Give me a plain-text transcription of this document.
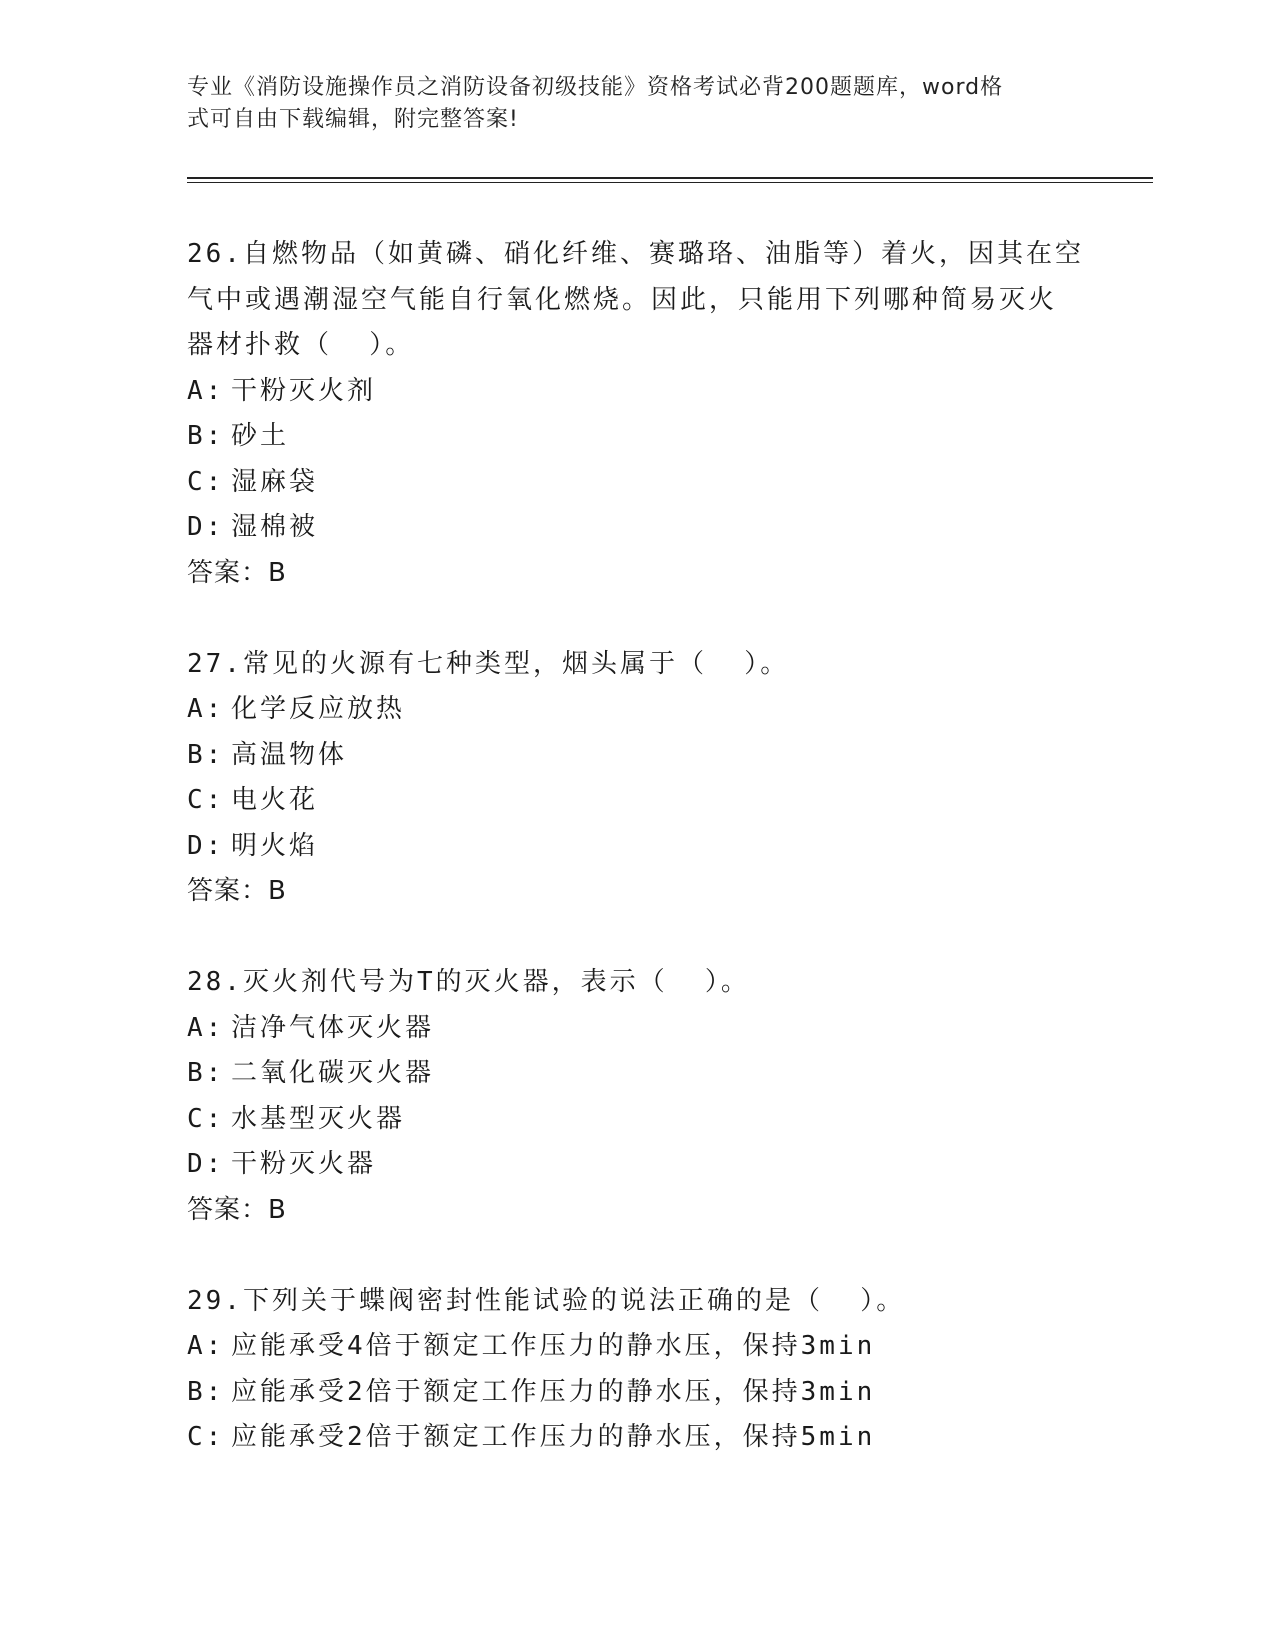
专业《消防设施操作员之消防设备初级技能》资格考试必背200题题库，word格
式可自由下载编辑，附完整答案!

26.自燃物品（如黄磷、硝化纤维、赛璐珞、油脂等）着火，因其在空

气中或遇潮湿空气能自行氧化燃烧。因此，只能用下列哪种简易灭火

器材扑救（  ）。

A: 干粉灭火剂

B: 砂土

C: 湿麻袋

D: 湿棉被

答案：B

27.常见的火源有七种类型，烟头属于（  ）。

A: 化学反应放热

B: 高温物体

C: 电火花

D: 明火焰

答案：B

28.灭火剂代号为T的灭火器，表示（  ）。

A: 洁净气体灭火器

B: 二氧化碳灭火器

C: 水基型灭火器

D: 干粉灭火器

答案：B

29.下列关于蝶阀密封性能试验的说法正确的是（  ）。

A: 应能承受4倍于额定工作压力的静水压，保持3min

B: 应能承受2倍于额定工作压力的静水压，保持3min

C: 应能承受2倍于额定工作压力的静水压，保持5min
